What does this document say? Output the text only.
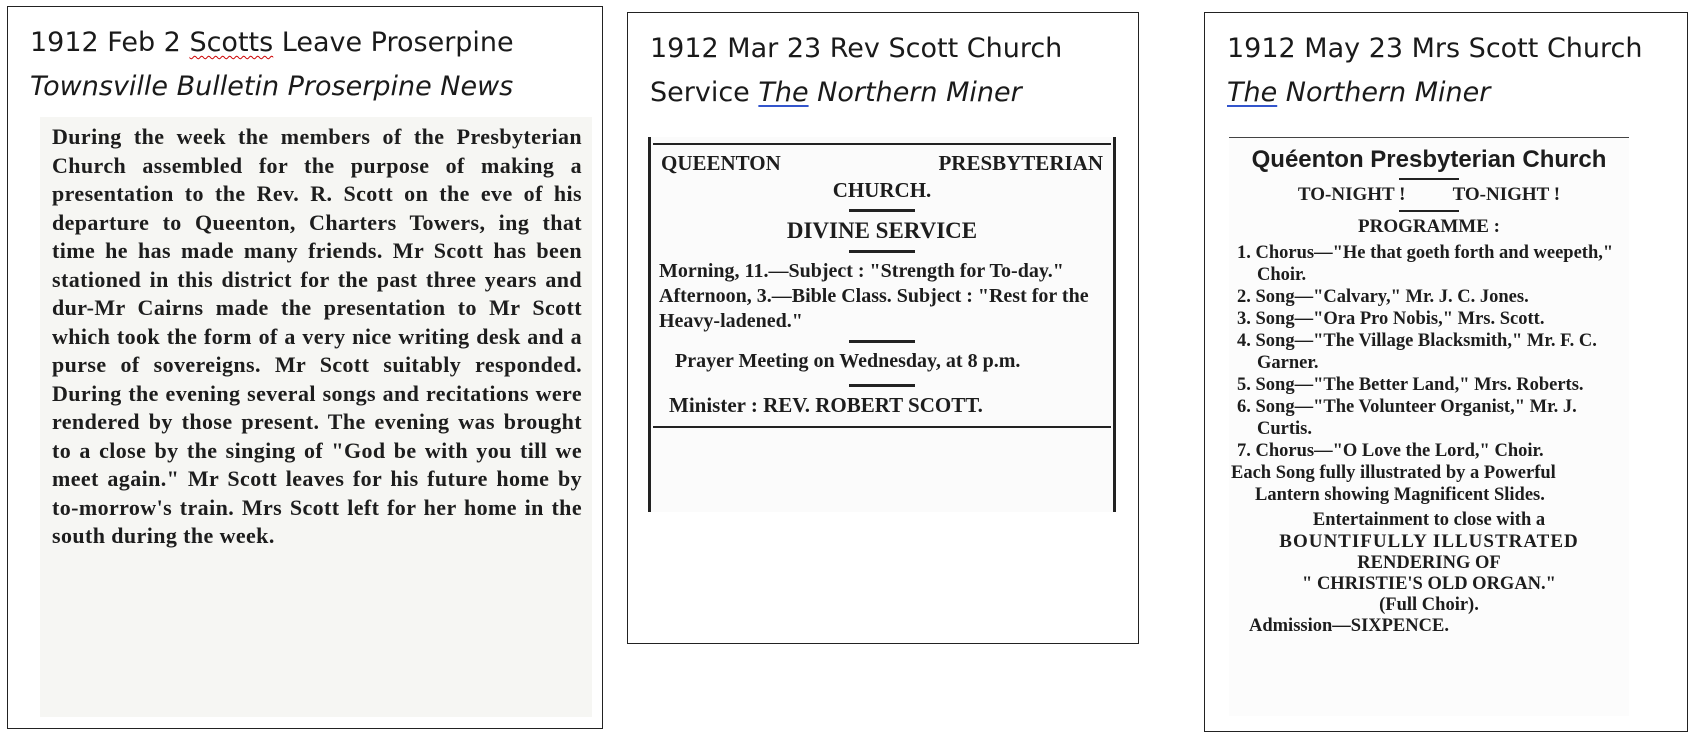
1912 Feb 2 Scotts Leave Proserpine
Townsville Bulletin Proserpine News

During the week the members of the Presbyterian Church assembled for the purpose of making a presentation to the Rev. R. Scott on the eve of his departure to Queenton, Charters Towers, ing that time he has made many friends. Mr Scott has been stationed in this district for the past three years and dur-Mr Cairns made the presentation to Mr Scott which took the form of a very nice writing desk and a purse of sovereigns. Mr Scott suitably responded. During the evening several songs and recitations were rendered by those present. The evening was brought to a close by the singing of "God be with you till we meet again." Mr Scott leaves for his future home by to-morrow's train. Mrs Scott left for her home in the south during the week.

1912 Mar 23 Rev Scott Church
Service The Northern Miner
QUEENTON	PRESBYTERIAN
CHURCH.
DIVINE SERVICE
Morning, 11.—Subject : "Strength for To-day."
Afternoon, 3.—Bible Class. Subject : "Rest for the Heavy-ladened."
Prayer Meeting on Wednesday, at 8 p.m.
Minister : REV. ROBERT SCOTT.
1912 May 23 Mrs Scott Church
The Northern Miner
Quéenton Presbyterian Church
TO-NIGHT !          TO-NIGHT !
PROGRAMME :
1. Chorus—"He that goeth forth and weepeth," Choir.
2. Song—"Calvary," Mr. J. C. Jones.
3. Song—"Ora Pro Nobis," Mrs. Scott.
4. Song—"The Village Blacksmith," Mr. F. C. Garner.
5. Song—"The Better Land," Mrs. Roberts.
6. Song—"The Volunteer Organist," Mr. J. Curtis.
7. Chorus—"O Love the Lord," Choir.
Each Song fully illustrated by a Powerful Lantern showing Magnificent Slides.
Entertainment to close with a
BOUNTIFULLY ILLUSTRATED
RENDERING OF
" CHRISTIE'S OLD ORGAN."
(Full Choir).
Admission—SIXPENCE.
